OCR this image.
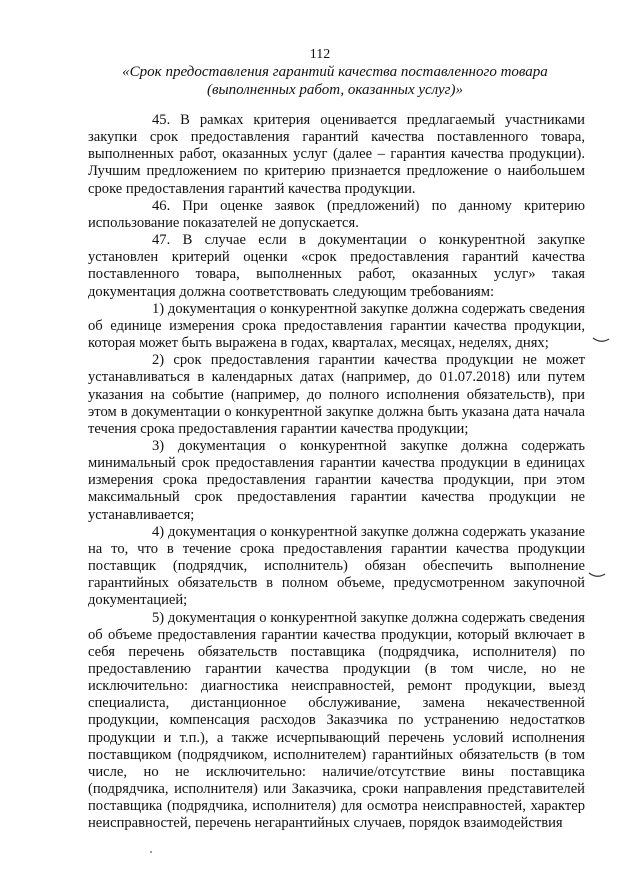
112
«Срок предоставления гарантий качества поставленного товара
(выполненных работ, оказанных услуг)»

45. В рамках критерия оценивается предлагаемый участниками закупки срок предоставления гарантий качества поставленного товара, выполненных работ, оказанных услуг (далее – гарантия качества продукции). Лучшим предложением по критерию признается предложение о наибольшем сроке предоставления гарантий качества продукции.

46. При оценке заявок (предложений) по данному критерию использование показателей не допускается.

47. В случае если в документации о конкурентной закупке установлен критерий оценки «срок предоставления гарантий качества поставленного товара, выполненных работ, оказанных услуг» такая документация должна соответствовать следующим требованиям:

1) документация о конкурентной закупке должна содержать сведения об единице измерения срока предоставления гарантии качества продукции, которая может быть выражена в годах, кварталах, месяцах, неделях, днях;

2) срок предоставления гарантии качества продукции не может устанавливаться в календарных датах (например, до 01.07.2018) или путем указания на событие (например, до полного исполнения обязательств), при этом в документации о конкурентной закупке должна быть указана дата начала течения срока предоставления гарантии качества продукции;

3) документация о конкурентной закупке должна содержать минимальный срок предоставления гарантии качества продукции в единицах измерения срока предоставления гарантии качества продукции, при этом максимальный срок предоставления гарантии качества продукции не устанавливается;

4) документация о конкурентной закупке должна содержать указание на то, что в течение срока предоставления гарантии качества продукции поставщик (подрядчик, исполнитель) обязан обеспечить выполнение гарантийных обязательств в полном объеме, предусмотренном закупочной документацией;

5) документация о конкурентной закупке должна содержать сведения об объеме предоставления гарантии качества продукции, который включает в себя перечень обязательств поставщика (подрядчика, исполнителя) по предоставлению гарантии качества продукции (в том числе, но не исключительно: диагностика неисправностей, ремонт продукции, выезд специалиста, дистанционное обслуживание, замена некачественной продукции, компенсация расходов Заказчика по устранению недостатков продукции и т.п.), а также исчерпывающий перечень условий исполнения поставщиком (подрядчиком, исполнителем) гарантийных обязательств (в том числе, но не исключительно: наличие/отсутствие вины поставщика (подрядчика, исполнителя) или Заказчика, сроки направления представителей поставщика (подрядчика, исполнителя) для осмотра неисправностей, характер неисправностей, перечень негарантийных случаев, порядок взаимодействия
